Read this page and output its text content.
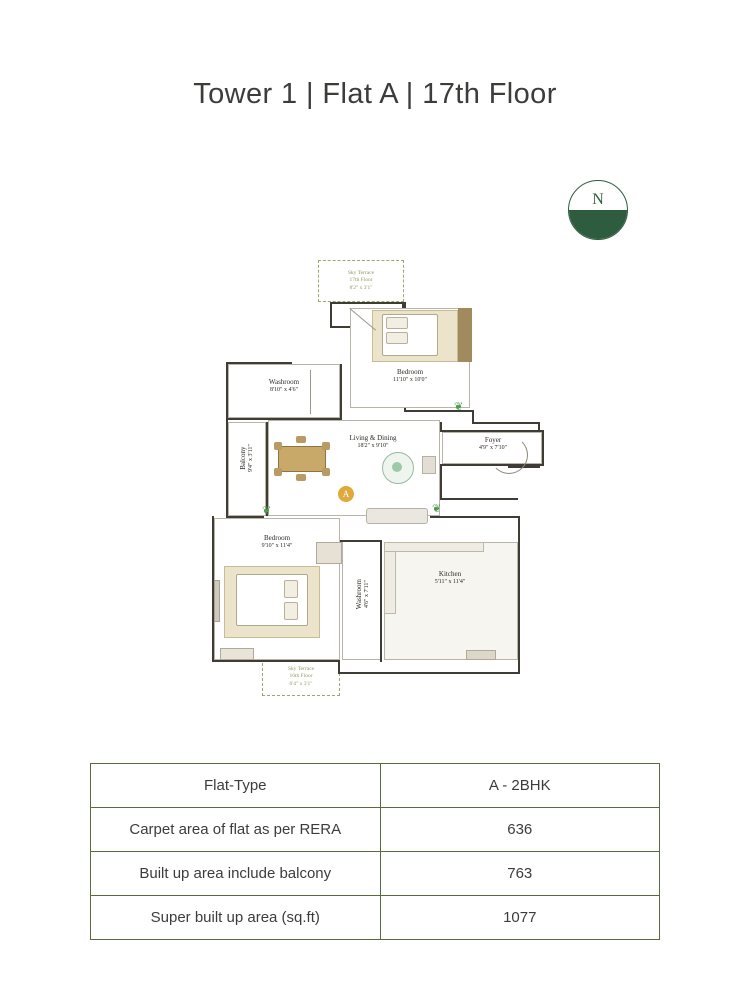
Tower 1 | Flat A | 17th Floor
N
Sky Terrace
17th Floor
8'2" x 3'1"
Sky Terrace
16th Floor
6'4" x 3'1"
Washroom
8'10" x 4'6"
Bedroom
11'10" x 10'0"
❦
Foyer
4'9" x 7'10"
Balcony 9'4" x 3'11"
Living & Dining
18'2" x 9'10"
A
❦	❦
Bedroom
9'10" x 11'4"
Washroom 4'6" x 7'11"
Kitchen
5'11" x 11'4"
Flat-Type	A - 2BHK
Carpet area of flat as per RERA	636
Built up area include balcony	763
Super built up area (sq.ft)	1077
